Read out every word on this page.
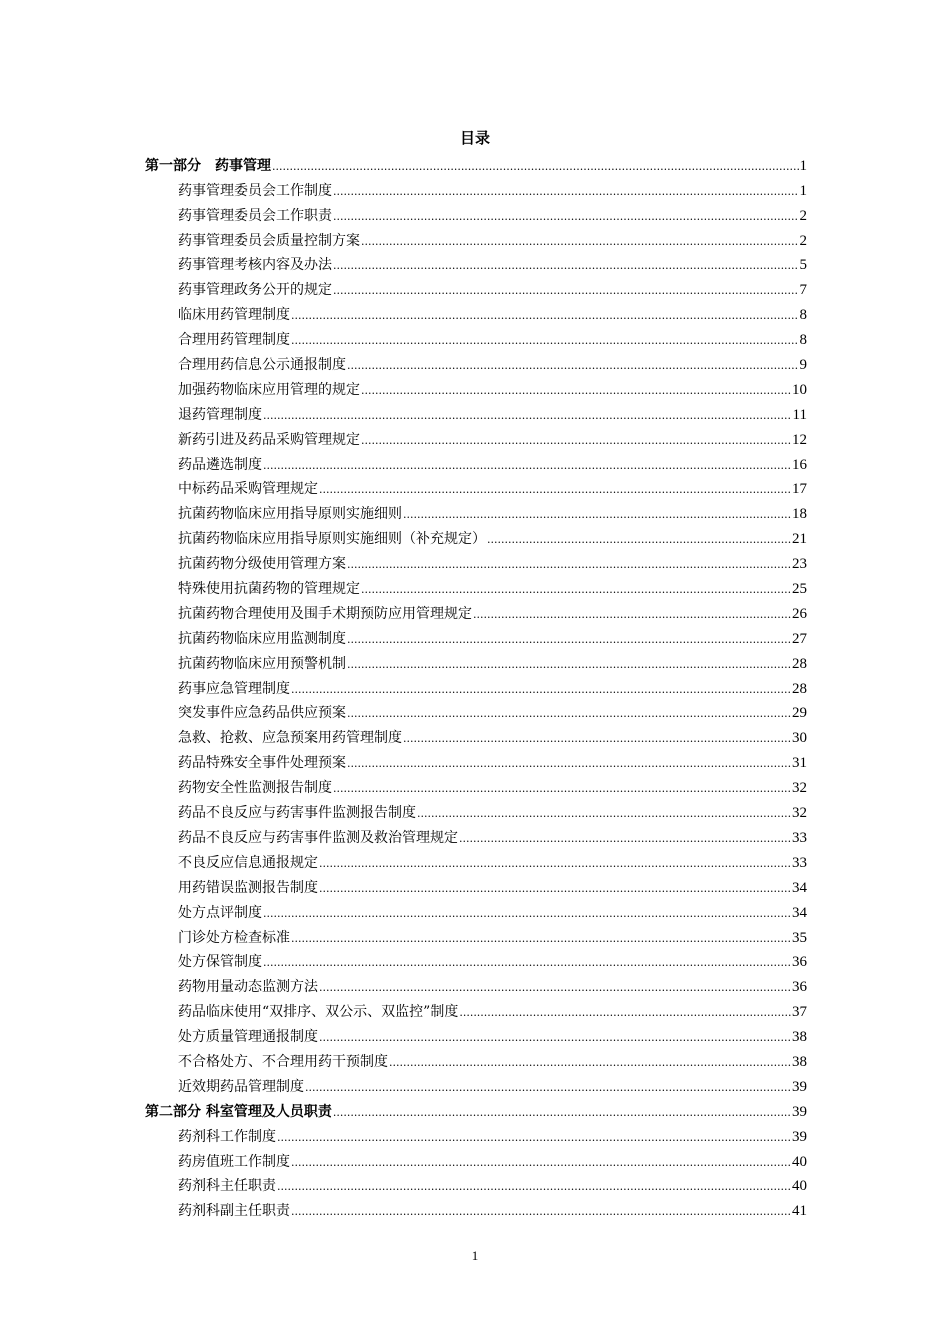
目录
第一部分　药事管理 .....	1
药事管理委员会工作制度 .....	1
药事管理委员会工作职责 .....	2
药事管理委员会质量控制方案 .....	2
药事管理考核内容及办法 .....	5
药事管理政务公开的规定 .....	7
临床用药管理制度 .....	8
合理用药管理制度 .....	8
合理用药信息公示通报制度 .....	9
加强药物临床应用管理的规定 .....	10
退药管理制度 .....	11
新药引进及药品采购管理规定 .....	12
药品遴选制度 .....	16
中标药品采购管理规定 .....	17
抗菌药物临床应用指导原则实施细则 .....	18
抗菌药物临床应用指导原则实施细则（补充规定） .....	21
抗菌药物分级使用管理方案 .....	23
特殊使用抗菌药物的管理规定 .....	25
抗菌药物合理使用及围手术期预防应用管理规定 .....	26
抗菌药物临床应用监测制度 .....	27
抗菌药物临床应用预警机制 .....	28
药事应急管理制度 .....	28
突发事件应急药品供应预案 .....	29
急救、抢救、应急预案用药管理制度 .....	30
药品特殊安全事件处理预案 .....	31
药物安全性监测报告制度 .....	32
药品不良反应与药害事件监测报告制度 .....	32
药品不良反应与药害事件监测及救治管理规定 .....	33
不良反应信息通报规定 .....	33
用药错误监测报告制度 .....	34
处方点评制度 .....	34
门诊处方检查标准 .....	35
处方保管制度 .....	36
药物用量动态监测方法 .....	36
药品临床使用“双排序、双公示、双监控”制度 .....	37
处方质量管理通报制度 .....	38
不合格处方、不合理用药干预制度 .....	38
近效期药品管理制度 .....	39
第二部分 科室管理及人员职责 .....	39
药剂科工作制度 .....	39
药房值班工作制度 .....	40
药剂科主任职责 .....	40
药剂科副主任职责 .....	41
1
